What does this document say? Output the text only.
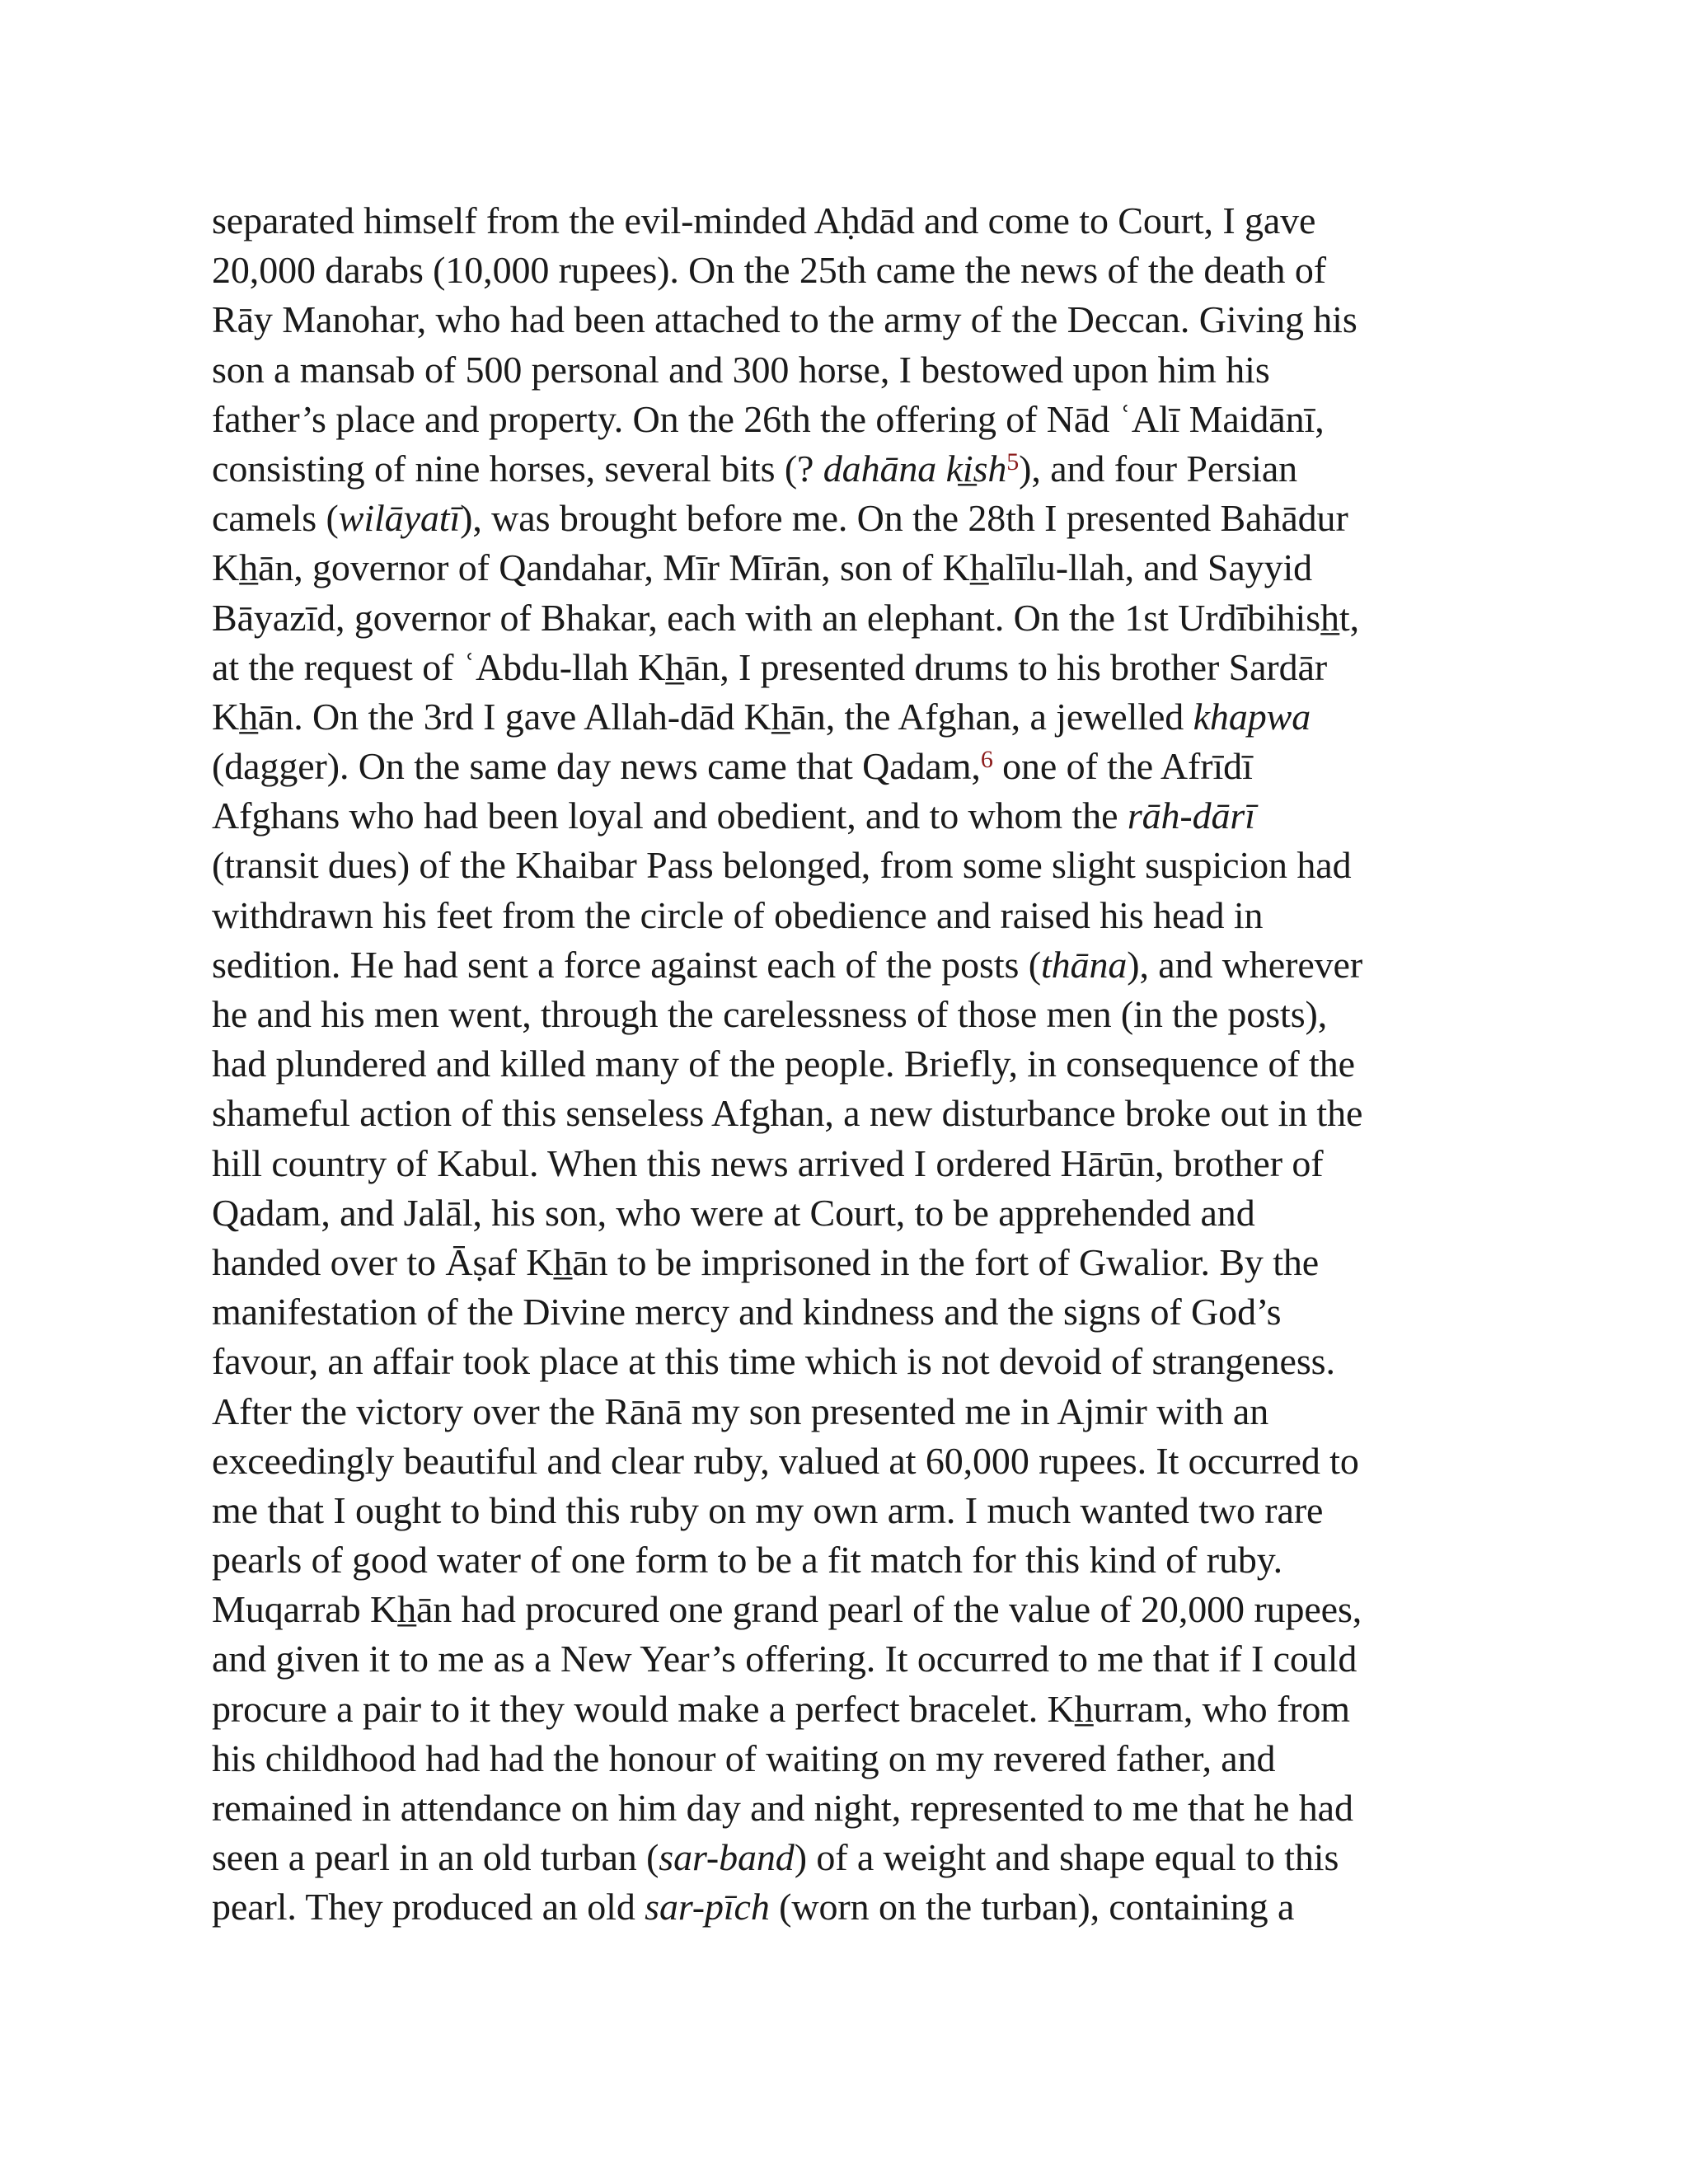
separated himself from the evil-minded Aḥdād and come to Court, I gave
20,000 darabs (10,000 rupees). On the 25th came the news of the death of
Rāy Manohar, who had been attached to the army of the Deccan. Giving his
son a mansab of 500 personal and 300 horse, I bestowed upon him his
father’s place and property. On the 26th the offering of Nād ʿAlī Maidānī,
consisting of nine horses, several bits (? dahāna ki̲sh$^5$), and four Persian
camels (wilāyatī), was brought before me. On the 28th I presented Bahādur
Kh̲ān, governor of Qandahar, Mīr Mīrān, son of Kh̲alīlu-llah, and Sayyid
Bāyazīd, governor of Bhakar, each with an elephant. On the 1st Urdībihish̲t,
at the request of ʿAbdu-llah Kh̲ān, I presented drums to his brother Sardār
Kh̲ān. On the 3rd I gave Allah-dād Kh̲ān, the Afghan, a jewelled khapwa
(dagger). On the same day news came that Qadam,$^6$ one of the Afrīdī
Afghans who had been loyal and obedient, and to whom the rāh-dārī
(transit dues) of the Khaibar Pass belonged, from some slight suspicion had
withdrawn his feet from the circle of obedience and raised his head in
sedition. He had sent a force against each of the posts (thāna), and wherever
he and his men went, through the carelessness of those men (in the posts),
had plundered and killed many of the people. Briefly, in consequence of the
shameful action of this senseless Afghan, a new disturbance broke out in the
hill country of Kabul. When this news arrived I ordered Hārūn, brother of
Qadam, and Jalāl, his son, who were at Court, to be apprehended and
handed over to Āṣaf Kh̲ān to be imprisoned in the fort of Gwalior. By the
manifestation of the Divine mercy and kindness and the signs of God’s
favour, an affair took place at this time which is not devoid of strangeness.
After the victory over the Rānā my son presented me in Ajmir with an
exceedingly beautiful and clear ruby, valued at 60,000 rupees. It occurred to
me that I ought to bind this ruby on my own arm. I much wanted two rare
pearls of good water of one form to be a fit match for this kind of ruby.
Muqarrab Kh̲ān had procured one grand pearl of the value of 20,000 rupees,
and given it to me as a New Year’s offering. It occurred to me that if I could
procure a pair to it they would make a perfect bracelet. Kh̲urram, who from
his childhood had had the honour of waiting on my revered father, and
remained in attendance on him day and night, represented to me that he had
seen a pearl in an old turban (sar-band) of a weight and shape equal to this
pearl. They produced an old sar-pīch (worn on the turban), containing a
